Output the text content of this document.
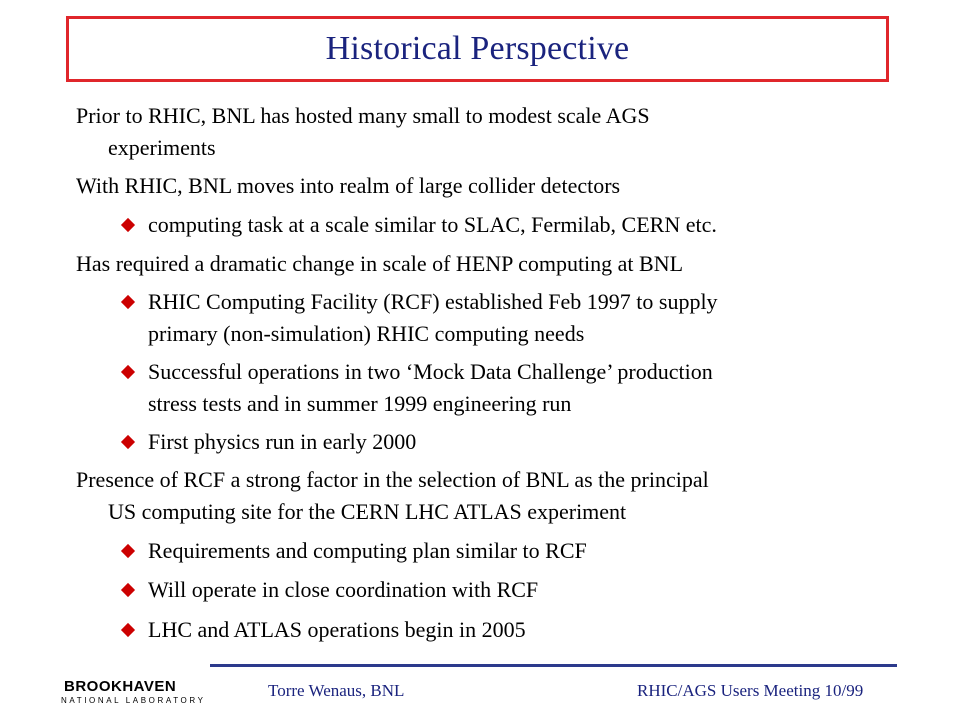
Historical Perspective
Prior to RHIC, BNL has hosted many small to modest scale AGS
experiments
With RHIC, BNL moves into realm of large collider detectors
computing task at a scale similar to SLAC, Fermilab, CERN etc.
Has required a dramatic change in scale of HENP computing at BNL
RHIC Computing Facility (RCF) established Feb 1997 to supply
primary (non-simulation) RHIC computing needs
Successful operations in two ‘Mock Data Challenge’ production
stress tests and in summer 1999 engineering run
First physics run in early 2000
Presence of RCF a strong factor in the selection of BNL as the principal
US computing site for the CERN LHC ATLAS experiment
Requirements and computing plan similar to RCF
Will operate in close coordination with RCF
LHC and ATLAS operations begin in 2005
BROOKHAVEN
NATIONAL LABORATORY
Torre Wenaus, BNL	RHIC/AGS Users Meeting 10/99
